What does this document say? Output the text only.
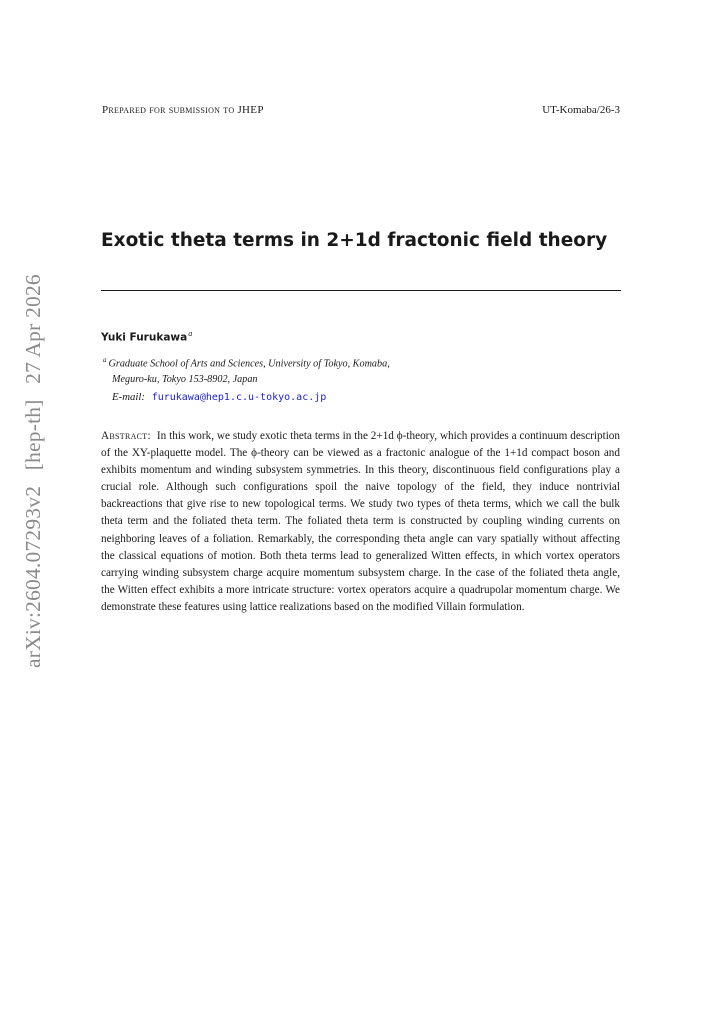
arXiv:2604.07293v2 [hep-th] 27 Apr 2026
Prepared for submission to JHEP	UT-Komaba/26-3
Exotic theta terms in 2+1d fractonic field theory
Yuki Furukawa$^a$
$^a$ Graduate School of Arts and Sciences, University of Tokyo, Komaba,
Meguro-ku, Tokyo 153-8902, Japan
E-mail: furukawa@hep1.c.u-tokyo.ac.jp
Abstract: In this work, we study exotic theta terms in the 2+1d ϕ-theory, which provides a continuum description of the XY-plaquette model. The ϕ-theory can be viewed as a fractonic analogue of the 1+1d compact boson and exhibits momentum and winding subsystem symmetries. In this theory, discontinuous field configurations play a crucial role. Although such configurations spoil the naive topology of the field, they induce nontrivial backreactions that give rise to new topological terms. We study two types of theta terms, which we call the bulk theta term and the foliated theta term. The foliated theta term is constructed by coupling winding currents on neighboring leaves of a foliation. Remarkably, the corresponding theta angle can vary spatially without affecting the classical equations of motion. Both theta terms lead to generalized Witten effects, in which vortex operators carrying winding subsystem charge acquire momentum subsystem charge. In the case of the foliated theta angle, the Witten effect exhibits a more intricate structure: vortex operators acquire a quadrupolar momentum charge. We demonstrate these features using lattice realizations based on the modified Villain formulation.
